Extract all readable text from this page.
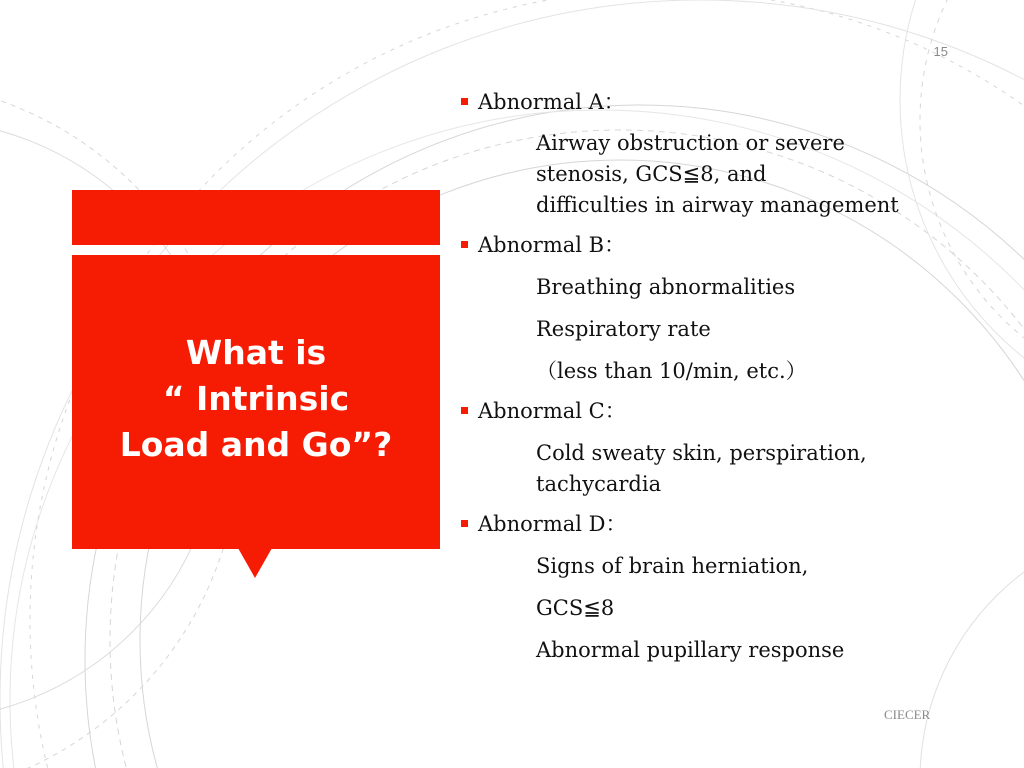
15
What is
“ Intrinsic
Load and Go”?
Abnormal A：
Airway obstruction or severe
stenosis, GCS≦8, and
difficulties in airway management
Abnormal B：
Breathing abnormalities
Respiratory rate
（less than 10/min, etc.）
Abnormal C：
Cold sweaty skin, perspiration,
tachycardia
Abnormal D：
Signs of brain herniation,
GCS≦8
Abnormal pupillary response
CIECER
